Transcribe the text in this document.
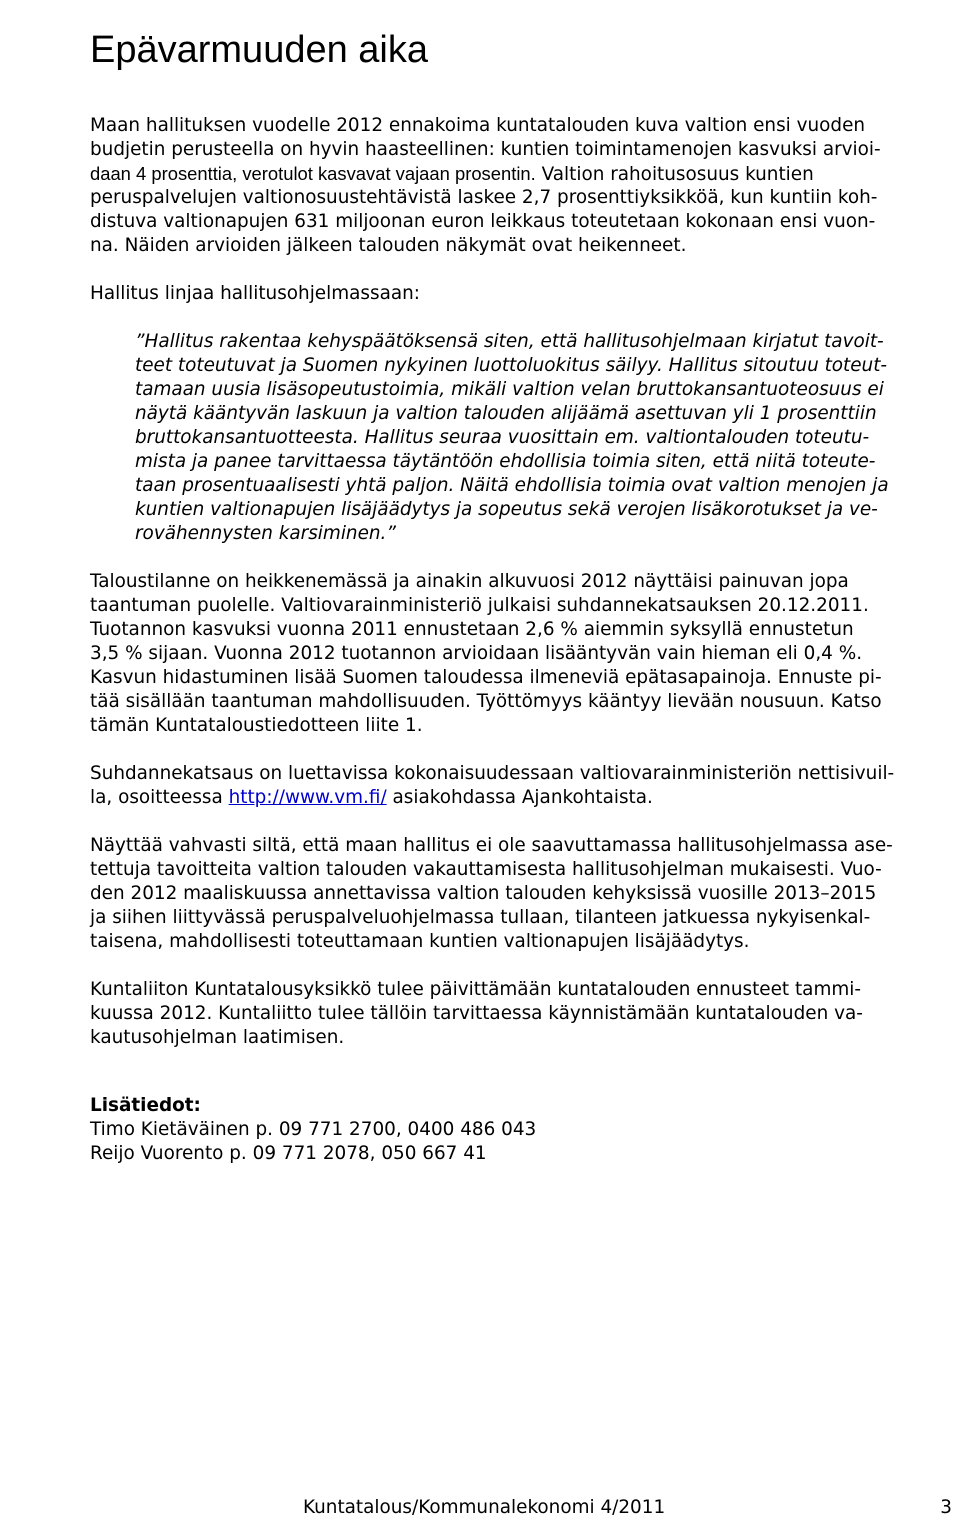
Epävarmuuden aika
Maan hallituksen vuodelle 2012 ennakoima kuntatalouden kuva valtion ensi vuoden
budjetin perusteella on hyvin haasteellinen: kuntien toimintamenojen kasvuksi arvioi-
daan 4 prosenttia, verotulot kasvavat vajaan prosentin. Valtion rahoitusosuus kuntien
peruspalvelujen valtionosuustehtävistä laskee 2,7 prosenttiyksikköä, kun kuntiin koh-
distuva valtionapujen 631 miljoonan euron leikkaus toteutetaan kokonaan ensi vuon-
na. Näiden arvioiden jälkeen talouden näkymät ovat heikenneet.
Hallitus linjaa hallitusohjelmassaan:
”Hallitus rakentaa kehyspäätöksensä siten, että hallitusohjelmaan kirjatut tavoit-
teet toteutuvat ja Suomen nykyinen luottoluokitus säilyy. Hallitus sitoutuu toteut-
tamaan uusia lisäsopeutustoimia, mikäli valtion velan bruttokansantuoteosuus ei
näytä kääntyvän laskuun ja valtion talouden alijäämä asettuvan yli 1 prosenttiin
bruttokansantuotteesta. Hallitus seuraa vuosittain em. valtiontalouden toteutu-
mista ja panee tarvittaessa täytäntöön ehdollisia toimia siten, että niitä toteute-
taan prosentuaalisesti yhtä paljon. Näitä ehdollisia toimia ovat valtion menojen ja
kuntien valtionapujen lisäjäädytys ja sopeutus sekä verojen lisäkorotukset ja ve-
rovähennysten karsiminen.”
Taloustilanne on heikkenemässä ja ainakin alkuvuosi 2012 näyttäisi painuvan jopa
taantuman puolelle. Valtiovarainministeriö julkaisi suhdannekatsauksen 20.12.2011.
Tuotannon kasvuksi vuonna 2011 ennustetaan 2,6 % aiemmin syksyllä ennustetun
3,5 % sijaan. Vuonna 2012 tuotannon arvioidaan lisääntyvän vain hieman eli 0,4 %.
Kasvun hidastuminen lisää Suomen taloudessa ilmeneviä epätasapainoja. Ennuste pi-
tää sisällään taantuman mahdollisuuden. Työttömyys kääntyy lievään nousuun. Katso
tämän Kuntataloustiedotteen liite 1.
Suhdannekatsaus on luettavissa kokonaisuudessaan valtiovarainministeriön nettisivuil-
la, osoitteessa http://www.vm.fi/ asiakohdassa Ajankohtaista.
Näyttää vahvasti siltä, että maan hallitus ei ole saavuttamassa hallitusohjelmassa ase-
tettuja tavoitteita valtion talouden vakauttamisesta hallitusohjelman mukaisesti. Vuo-
den 2012 maaliskuussa annettavissa valtion talouden kehyksissä vuosille 2013–2015
ja siihen liittyvässä peruspalveluohjelmassa tullaan, tilanteen jatkuessa nykyisenkal-
taisena, mahdollisesti toteuttamaan kuntien valtionapujen lisäjäädytys.
Kuntaliiton Kuntatalousyksikkö tulee päivittämään kuntatalouden ennusteet tammi-
kuussa 2012. Kuntaliitto tulee tällöin tarvittaessa käynnistämään kuntatalouden va-
kautusohjelman laatimisen.
Lisätiedot:
Timo Kietäväinen p. 09 771 2700, 0400 486 043
Reijo Vuorento p. 09 771 2078, 050 667 41
Kuntatalous/Kommunalekonomi 4/2011	3
